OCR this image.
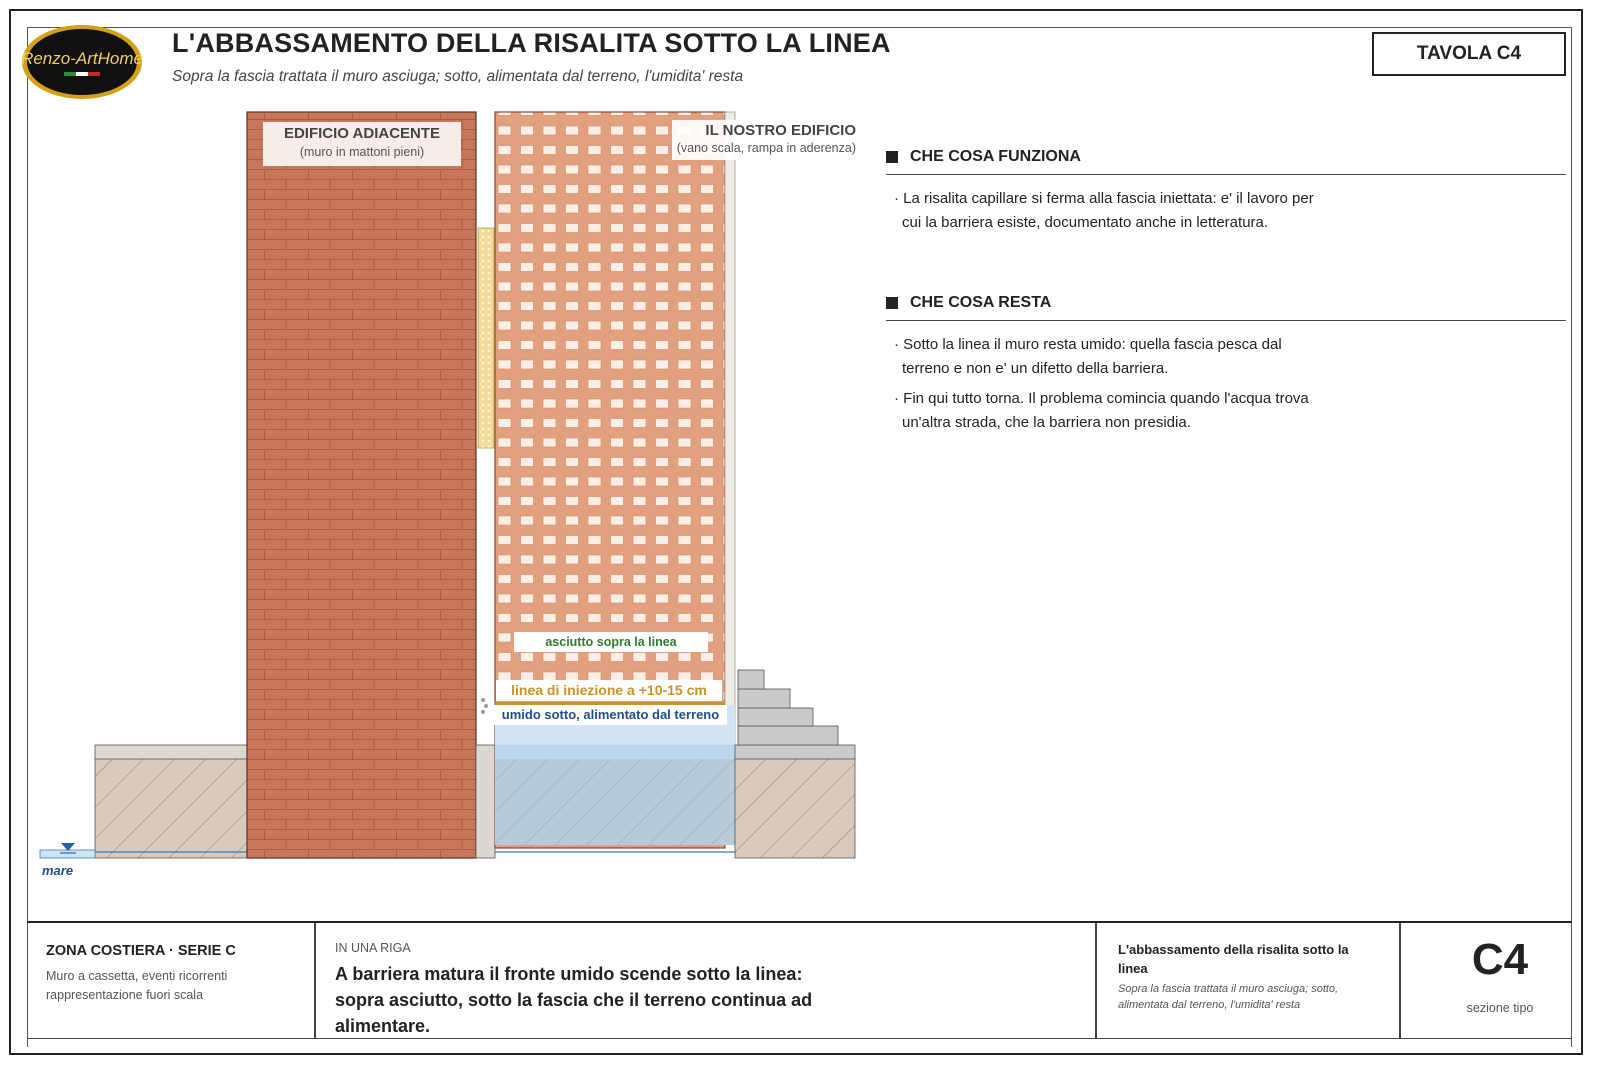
Renzo-ArtHome
L'ABBASSAMENTO DELLA RISALITA SOTTO LA LINEA
Sopra la fascia trattata il muro asciuga; sotto, alimentata dal terreno, l'umidita' resta
TAVOLA C4
EDIFICIO ADIACENTE
(muro in mattoni pieni)
IL NOSTRO EDIFICIO
(vano scala, rampa in aderenza)
asciutto sopra la linea
linea di iniezione a +10-15 cm
umido sotto, alimentato dal terreno
mare
CHE COSA FUNZIONA
· La risalita capillare si ferma alla fascia iniettata: e' il lavoro per cui la barriera esiste, documentato anche in letteratura.
CHE COSA RESTA
· Sotto la linea il muro resta umido: quella fascia pesca dal terreno e non e' un difetto della barriera.
· Fin qui tutto torna. Il problema comincia quando l'acqua trova un'altra strada, che la barriera non presidia.
ZONA COSTIERA · SERIE C
Muro a cassetta, eventi ricorrenti
rappresentazione fuori scala
IN UNA RIGA
A barriera matura il fronte umido scende sotto la linea: sopra asciutto, sotto la fascia che il terreno continua ad alimentare.
L'abbassamento della risalita sotto la linea
Sopra la fascia trattata il muro asciuga; sotto, alimentata dal terreno, l'umidita' resta
C4
sezione tipo
